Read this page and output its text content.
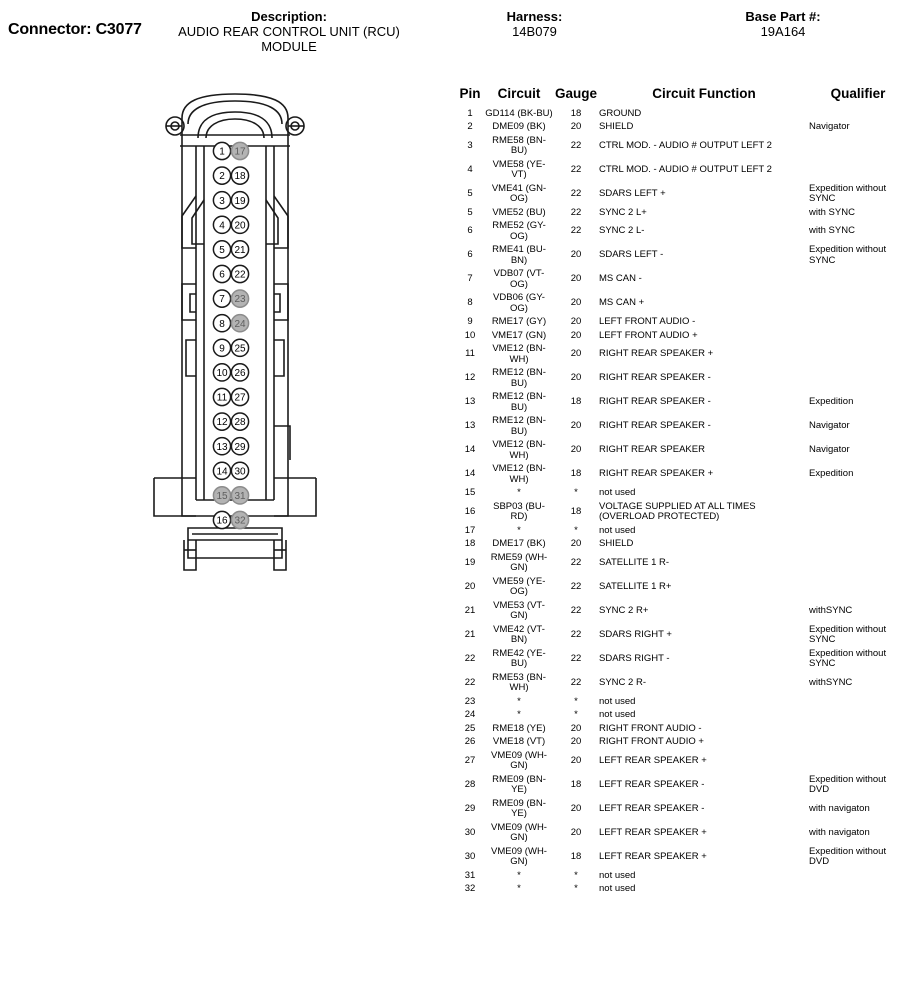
Connector: C3077
Description:
AUDIO REAR CONTROL UNIT (RCU) MODULE
Harness:
14B079
Base Part #:
19A164
1
2
3
4
5
6
7
8
9
10
11
12
13
14
15
16
17
18
19
20
21
22
23
24
25
26
27
28
29
30
31
32
Pin	Circuit	Gauge	Circuit Function	Qualifier
1	GD114 (BK-BU)	18	GROUND	
2	DME09 (BK)	20	SHIELD	Navigator
3	RME58 (BN-BU)	22	CTRL MOD. - AUDIO # OUTPUT LEFT 2	
4	VME58 (YE-VT)	22	CTRL MOD. - AUDIO # OUTPUT LEFT 2	
5	VME41 (GN-OG)	22	SDARS LEFT +	Expedition without SYNC
5	VME52 (BU)	22	SYNC 2 L+	with SYNC
6	RME52 (GY-OG)	22	SYNC 2 L-	with SYNC
6	RME41 (BU-BN)	20	SDARS LEFT -	Expedition without SYNC
7	VDB07 (VT-OG)	20	MS CAN -	
8	VDB06 (GY-OG)	20	MS CAN +	
9	RME17 (GY)	20	LEFT FRONT AUDIO -	
10	VME17 (GN)	20	LEFT FRONT AUDIO +	
11	VME12 (BN-WH)	20	RIGHT REAR SPEAKER +	
12	RME12 (BN-BU)	20	RIGHT REAR SPEAKER -	
13	RME12 (BN-BU)	18	RIGHT REAR SPEAKER -	Expedition
13	RME12 (BN-BU)	20	RIGHT REAR SPEAKER -	Navigator
14	VME12 (BN-WH)	20	RIGHT REAR SPEAKER	Navigator
14	VME12 (BN-WH)	18	RIGHT REAR SPEAKER +	Expedition
15	*	*	not used	
16	SBP03 (BU-RD)	18	VOLTAGE SUPPLIED AT ALL TIMES (OVERLOAD PROTECTED)	
17	*	*	not used	
18	DME17 (BK)	20	SHIELD	
19	RME59 (WH-GN)	22	SATELLITE 1 R-	
20	VME59 (YE-OG)	22	SATELLITE 1 R+	
21	VME53 (VT-GN)	22	SYNC 2 R+	withSYNC
21	VME42 (VT-BN)	22	SDARS RIGHT +	Expedition without SYNC
22	RME42 (YE-BU)	22	SDARS RIGHT -	Expedition without SYNC
22	RME53 (BN-WH)	22	SYNC 2 R-	withSYNC
23	*	*	not used	
24	*	*	not used	
25	RME18 (YE)	20	RIGHT FRONT AUDIO -	
26	VME18 (VT)	20	RIGHT FRONT AUDIO +	
27	VME09 (WH-GN)	20	LEFT REAR SPEAKER +	
28	RME09 (BN-YE)	18	LEFT REAR SPEAKER -	Expedition without DVD
29	RME09 (BN-YE)	20	LEFT REAR SPEAKER -	with navigaton
30	VME09 (WH-GN)	20	LEFT REAR SPEAKER +	with navigaton
30	VME09 (WH-GN)	18	LEFT REAR SPEAKER +	Expedition without DVD
31	*	*	not used	
32	*	*	not used	
